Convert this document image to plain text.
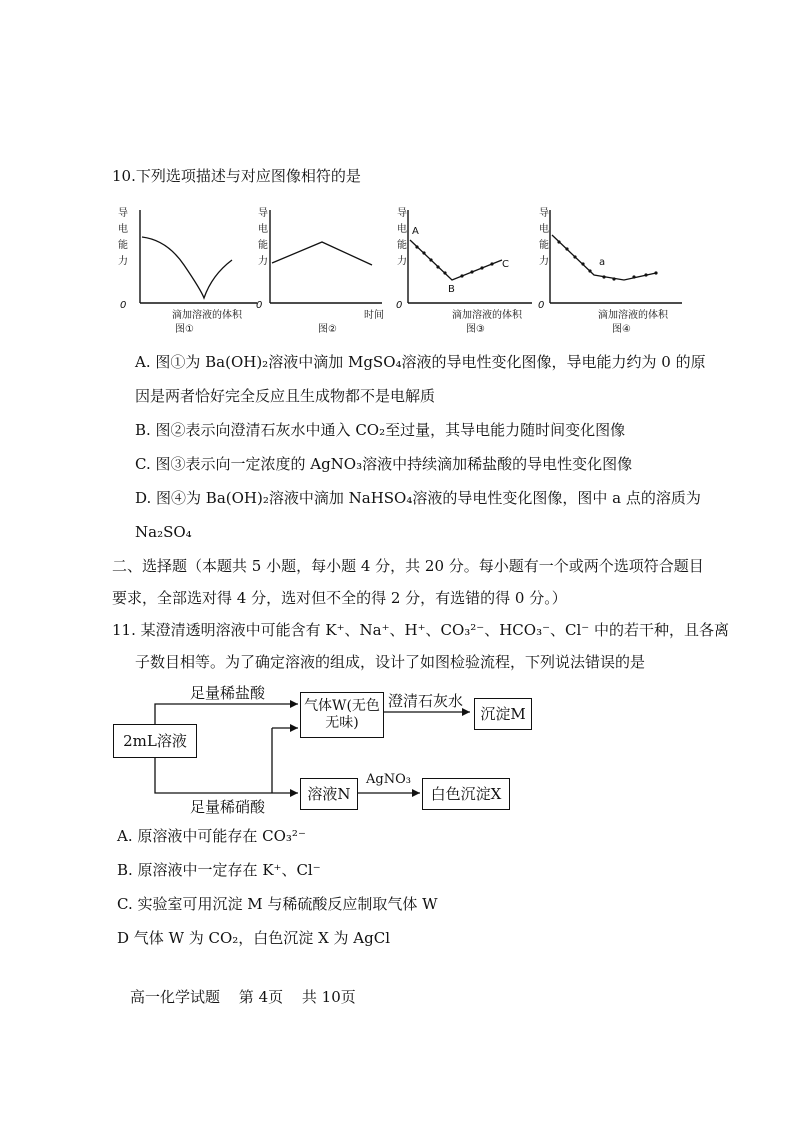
10.下列选项描述与对应图像相符的是
导
电
能
力
0
滴加溶液的体积
图①
导
电
能
力
0
时间
图②
导
电
能
力
A
B
C
0
滴加溶液的体积
图③
导
电
能
力	a
0
滴加溶液的体积
图④
A. 图①为 Ba(OH)₂溶液中滴加 MgSO₄溶液的导电性变化图像，导电能力约为 0 的原
因是两者恰好完全反应且生成物都不是电解质
B. 图②表示向澄清石灰水中通入 CO₂至过量，其导电能力随时间变化图像
C. 图③表示向一定浓度的 AgNO₃溶液中持续滴加稀盐酸的导电性变化图像
D. 图④为 Ba(OH)₂溶液中滴加 NaHSO₄溶液的导电性变化图像，图中 a 点的溶质为
Na₂SO₄
二、选择题（本题共 5 小题，每小题 4 分，共 20 分。每小题有一个或两个选项符合题目
要求，全部选对得 4 分，选对但不全的得 2 分，有选错的得 0 分。）
11. 某澄清透明溶液中可能含有 K⁺、Na⁺、H⁺、CO₃²⁻、HCO₃⁻、Cl⁻ 中的若干种，且各离
子数目相等。为了确定溶液的组成，设计了如图检验流程，下列说法错误的是
2mL溶液
足量稀盐酸
气体W(无色无味)
澄清石灰水
沉淀M
足量稀硝酸
溶液N
AgNO₃
白色沉淀X
A. 原溶液中可能存在 CO₃²⁻
B. 原溶液中一定存在 K⁺、Cl⁻
C. 实验室可用沉淀 M 与稀硫酸反应制取气体 W
D 气体 W 为 CO₂，白色沉淀 X 为 AgCl
高一化学试题 第 4页 共 10页
